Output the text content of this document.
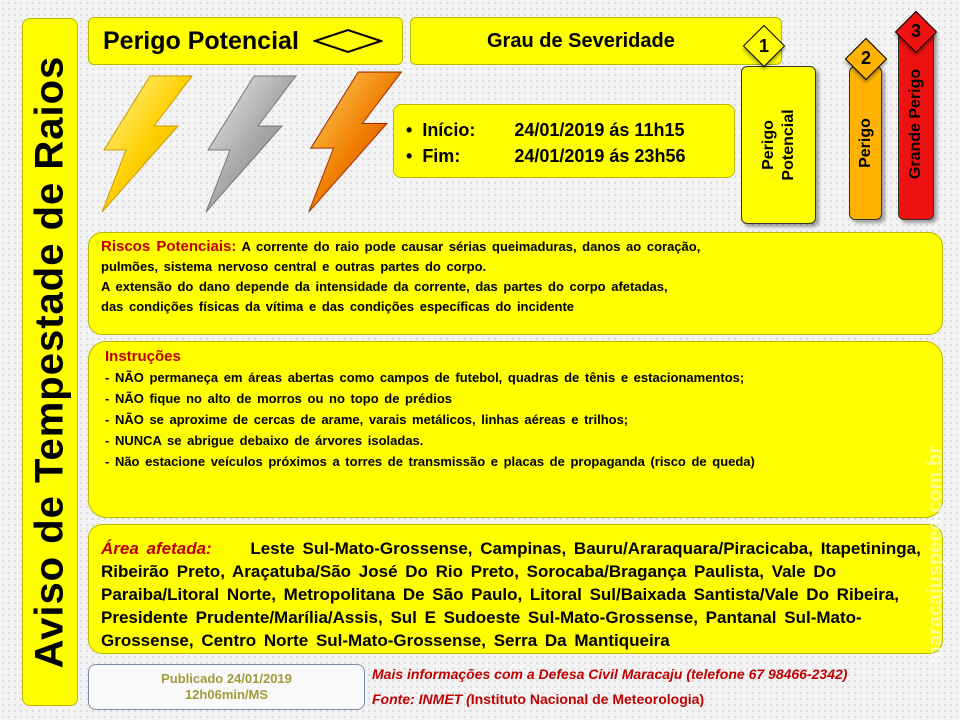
Aviso de Tempestade de Raios
Perigo Potencial	Grau de Severidade
• Início:	24/01/2019 ás 11h15
• Fim:	24/01/2019 ás 23h56	Perigo Potencial
1
Perigo
2
Grande Perigo
3
Riscos Potenciais: A corrente do raio pode causar sérias queimaduras, danos ao coração,
pulmões, sistema nervoso central e outras partes do corpo.
A extensão do dano depende da intensidade da corrente, das partes do corpo afetadas,
das condições físicas da vítima e das condições específicas do incidente
Instruções
- NÃO permaneça em áreas abertas como campos de futebol, quadras de tênis e estacionamentos;
- NÃO fique no alto de morros ou no topo de prédios
- NÃO se aproxime de cercas de arame, varais metálicos, linhas aéreas e trilhos;
- NUNCA se abrigue debaixo de árvores isoladas.
- Não estacione veículos próximos a torres de transmissão e placas de propaganda (risco de queda)
Área afetada: Leste Sul-Mato-Grossense, Campinas, Bauru/Araraquara/Piracicaba, Itapetininga, Ribeirão Preto, Araçatuba/São José Do Rio Preto, Sorocaba/Bragança Paulista, Vale Do Paraiba/Litoral Norte, Metropolitana De São Paulo, Litoral Sul/Baixada Santista/Vale Do Ribeira, Presidente Prudente/Marília/Assis, Sul E Sudoeste Sul-Mato-Grossense, Pantanal Sul-Mato-Grossense, Centro Norte Sul-Mato-Grossense, Serra Da Mantiqueira	maracajuspeed.com.br
Publicado 24/01/2019
12h06min/MS
Mais informações com a Defesa Civil Maracaju (telefone 67 98466-2342)
Fonte: INMET (Instituto Nacional de Meteorologia)
